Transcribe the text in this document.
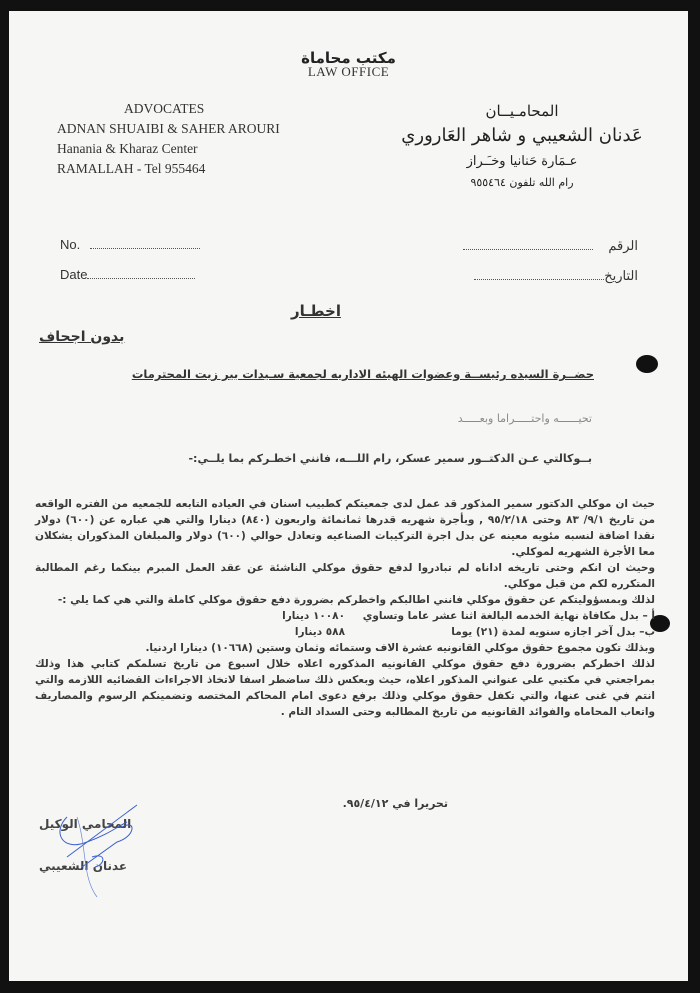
مكتب محاماة
LAW OFFICE
ADVOCATES
ADNAN SHUAIBI & SAHER AROURI
Hanania & Kharaz Center
RAMALLAH - Tel 955464
المحامـيــان
عَدنان الشعيبي و شاهر العَاروري
عـمَارة حَنانيا وخـَـراز
رام الله تلفون ٩٥٥٤٦٤
No.
Date
الرقم
التاريخ
اخطـار
بدون اجحاف
حضــرة السيده رئيســة وعضوات الهيئه الاداريه لجمعية سـيدات بير زيت المحترمات
تحيــــــه واحتـــــراما وبعـــــد
بــوكالتي عـن الدكتــور سمير عسكر، رام اللـــه، فانني اخطـركم بما يلــي:-
حيث ان موكلي الدكتور سمير المذكور قد عمل لدى جمعيتكم كطبيب اسنان في العياده التابعه للجمعيه من الفتره الواقعه من تاريخ ٩/١/ ٨٣ وحتى ٩٥/٢/١٨ , وبأجرة شهريه قدرها ثمانمائة واربعون (٨٤٠) دينارا والتي هي عباره عن (٦٠٠) دولار نقدا اضافة لنسبه مئويه معينه عن بدل اجرة التركيبات الصناعيه وتعادل حوالي (٦٠٠) دولار والمبلغان المذكوران يشكلان معا الأجرة الشهريه لموكلي.
وحيث ان انكم وحتى تاريخه اداناه لم تبادروا لدفع حقوق موكلي الناشئة عن عقد العمل المبرم بينكما رغم المطالبة المتكرره لكم من قبل موكلي.
لذلك وبمسؤوليتكم عن حقوق موكلي فانني اطالبكم واخطركم بضرورة دفع حقوق موكلي كاملة والتي هي كما يلي :-
أ – بدل مكافاة نهاية الخدمه البالغة اثنا عشر عاما وتساوي
١٠٠٨٠ دينارا
ب– بدل آخر اجازه سنويه لمدة (٢١) يوما
٥٨٨ دينارا
وبذلك تكون مجموع حقوق موكلي القانونيه عشرة الاف وستمائه وثمان وستين (١٠٦٦٨) دينارا اردنيا.
لذلك اخطركم بضرورة دفع حقوق موكلي القانونيه المذكوره اعلاه خلال اسبوع من تاريخ تسلمكم كتابي هذا وذلك بمراجعتي في مكتبي على عنواني المذكور اعلاه، حيث وبعكس ذلك ساضطر اسفا لاتخاذ الاجراءات القضائيه اللازمه والتي انتم في غنى عنها، والتي تكفل حقوق موكلي وذلك برفع دعوى امام المحاكم المختصه وتضمينكم الرسوم والمصاريف واتعاب المحاماه والفوائد القانونيه من تاريخ المطالبه وحتى السداد التام .
تحريرا في ٩٥/٤/١٢.
المحامي الوكيل
عدنان الشعيبي
